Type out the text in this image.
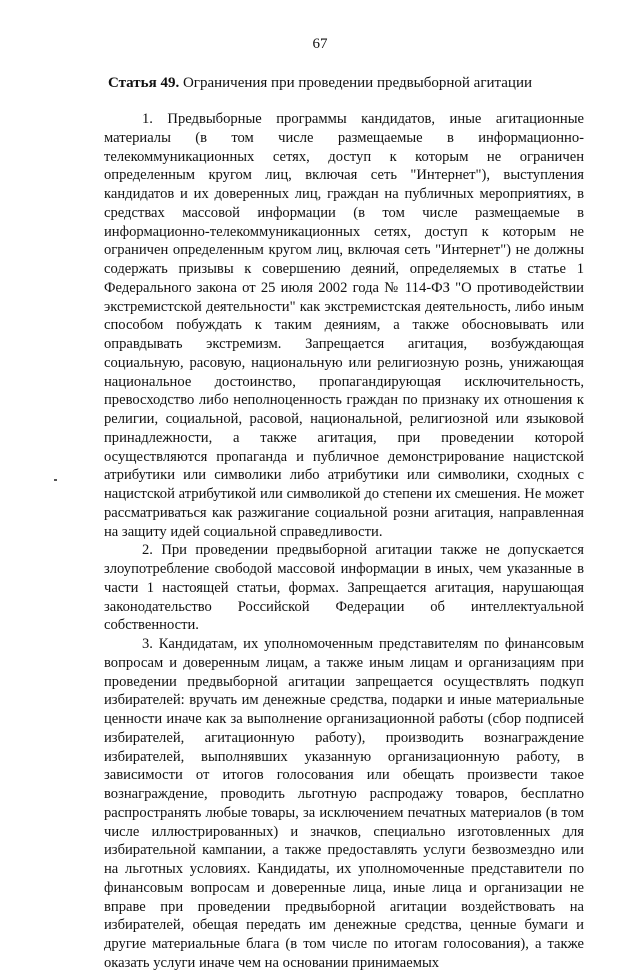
67
Статья 49. Ограничения при проведении предвыборной агитации

1. Предвыборные программы кандидатов, иные агитационные материалы (в том числе размещаемые в информационно-телекоммуникационных сетях, доступ к которым не ограничен определенным кругом лиц, включая сеть "Интернет"), выступления кандидатов и их доверенных лиц, граждан на публичных мероприятиях, в средствах массовой информации (в том числе размещаемые в информационно-телекоммуникационных сетях, доступ к которым не ограничен определенным кругом лиц, включая сеть "Интернет") не должны содержать призывы к совершению деяний, определяемых в статье 1 Федерального закона от 25 июля 2002 года № 114-ФЗ "О противодействии экстремистской деятельности" как экстремистская деятельность, либо иным способом побуждать к таким деяниям, а также обосновывать или оправдывать экстремизм. Запрещается агитация, возбуждающая социальную, расовую, национальную или религиозную рознь, унижающая национальное достоинство, пропагандирующая исключительность, превосходство либо неполноценность граждан по признаку их отношения к религии, социальной, расовой, национальной, религиозной или языковой принадлежности, а также агитация, при проведении которой осуществляются пропаганда и публичное демонстрирование нацистской атрибутики или символики либо атрибутики или символики, сходных с нацистской атрибутикой или символикой до степени их смешения. Не может рассматриваться как разжигание социальной розни агитация, направленная на защиту идей социальной справедливости.

2. При проведении предвыборной агитации также не допускается злоупотребление свободой массовой информации в иных, чем указанные в части 1 настоящей статьи, формах. Запрещается агитация, нарушающая законодательство Российской Федерации об интеллектуальной собственности.

3. Кандидатам, их уполномоченным представителям по финансовым вопросам и доверенным лицам, а также иным лицам и организациям при проведении предвыборной агитации запрещается осуществлять подкуп избирателей: вручать им денежные средства, подарки и иные материальные ценности иначе как за выполнение организационной работы (сбор подписей избирателей, агитационную работу), производить вознаграждение избирателей, выполнявших указанную организационную работу, в зависимости от итогов голосования или обещать произвести такое вознаграждение, проводить льготную распродажу товаров, бесплатно распространять любые товары, за исключением печатных материалов (в том числе иллюстрированных) и значков, специально изготовленных для избирательной кампании, а также предоставлять услуги безвозмездно или на льготных условиях. Кандидаты, их уполномоченные представители по финансовым вопросам и доверенные лица, иные лица и организации не вправе при проведении предвыборной агитации воздействовать на избирателей, обещая передать им денежные средства, ценные бумаги и другие материальные блага (в том числе по итогам голосования), а также оказать услуги иначе чем на основании принимаемых
